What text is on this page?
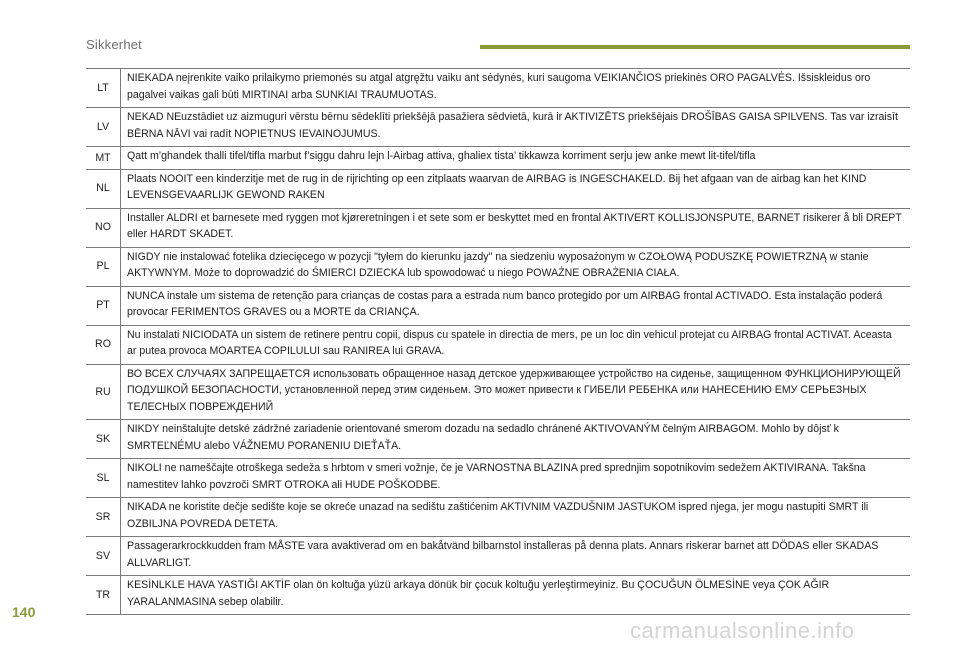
Sikkerhet
LT	NIEKADA neįrenkite vaiko prilaikymo priemonės su atgal atgręžtu vaiku ant sėdynės, kuri saugoma VEIKIANČIOS priekinės ORO PAGALVĖS. Išsiskleidus oro pagalvei vaikas gali būti MIRTINAI arba SUNKIAI TRAUMUOTAS.
LV	NEKAD NEuzstādiet uz aizmuguri vērstu bērnu sēdeklīti priekšējā pasažiera sēdvietā, kurā ir AKTIVIZĒTS priekšējais DROŠĪBAS GAISA SPILVENS. Tas var izraisīt BĒRNA NĀVI vai radīt NOPIETNUS IEVAINOJUMUS.
MT	Qatt m’ghandek thalli tifel/tifla marbut f’siggu dahru lejn l-Airbag attiva, ghaliex tista’ tikkawza korriment serju jew anke mewt lit-tifel/tifla
NL	Plaats NOOIT een kinderzitje met de rug in de rijrichting op een zitplaats waarvan de AIRBAG is INGESCHAKELD. Bij het afgaan van de airbag kan het KIND LEVENSGEVAARLIJK GEWOND RAKEN
NO	Installer ALDRI et barnesete med ryggen mot kjøreretningen i et sete som er beskyttet med en frontal AKTIVERT KOLLISJONSPUTE, BARNET risikerer å bli DREPT eller HARDT SKADET.
PL	NIGDY nie instalować fotelika dziecięcego w pozycji "tyłem do kierunku jazdy" na siedzeniu wyposażonym w CZOŁOWĄ PODUSZKĘ POWIETRZNĄ w stanie AKTYWNYM. Może to doprowadzić do ŚMIERCI DZIECKA lub spowodować u niego POWAŻNE OBRAŻENIA CIAŁA.
PT	NUNCA instale um sistema de retenção para crianças de costas para a estrada num banco protegido por um AIRBAG frontal ACTIVADO. Esta instalação poderá provocar FERIMENTOS GRAVES ou a MORTE da CRIANÇA.
RO	Nu instalati NICIODATA un sistem de retinere pentru copii, dispus cu spatele in directia de mers, pe un loc din vehicul protejat cu AIRBAG frontal ACTIVAT. Aceasta ar putea provoca MOARTEA COPILULUI sau RANIREA lui GRAVA.
RU	ВО ВСЕХ СЛУЧАЯХ ЗАПРЕЩАЕТСЯ использовать обращенное назад детское удерживающее устройство на сиденье, защищенном ФУНКЦИОНИРУЮЩЕЙ ПОДУШКОЙ БЕЗОПАСНОСТИ, установленной перед этим сиденьем. Это может привести к ГИБЕЛИ РЕБЕНКА или НАНЕСЕНИЮ ЕМУ СЕРЬЕЗНЫХ ТЕЛЕСНЫХ ПОВРЕЖДЕНИЙ
SK	NIKDY neinštalujte detské zádržné zariadenie orientované smerom dozadu na sedadlo chránené AKTIVOVANÝM čelným AIRBAGOM. Mohlo by dôjsť k SMRTEĽNÉMU alebo VÁŽNEMU PORANENIU DIEŤAŤA.
SL	NIKOLI ne nameščajte otroškega sedeža s hrbtom v smeri vožnje, če je VARNOSTNA BLAZINA pred sprednjim sopotnikovim sedežem AKTIVIRANA. Takšna namestitev lahko povzroči SMRT OTROKA ali HUDE POŠKODBE.
SR	NIKADA ne koristite dečje sedište koje se okreće unazad na sedištu zaštićenim AKTIVNIM VAZDUŠNIM JASTUKOM ispred njega, jer mogu nastupiti SMRT ili OZBILJNA POVREDA DETETA.
SV	Passagerarkrockkudden fram MÅSTE vara avaktiverad om en bakåtvänd bilbarnstol installeras på denna plats. Annars riskerar barnet att DÖDAS eller SKADAS ALLVARLIGT.
TR	KESİNLKLE HAVA YASTIĞI AKTİF olan ön koltuğa yüzü arkaya dönük bir çocuk koltuğu yerleştirmeyiniz. Bu ÇOCUĞUN ÖLMESİNE veya ÇOK AĞIR YARALANMASINA sebep olabilir.
140
carmanualsonline.info
